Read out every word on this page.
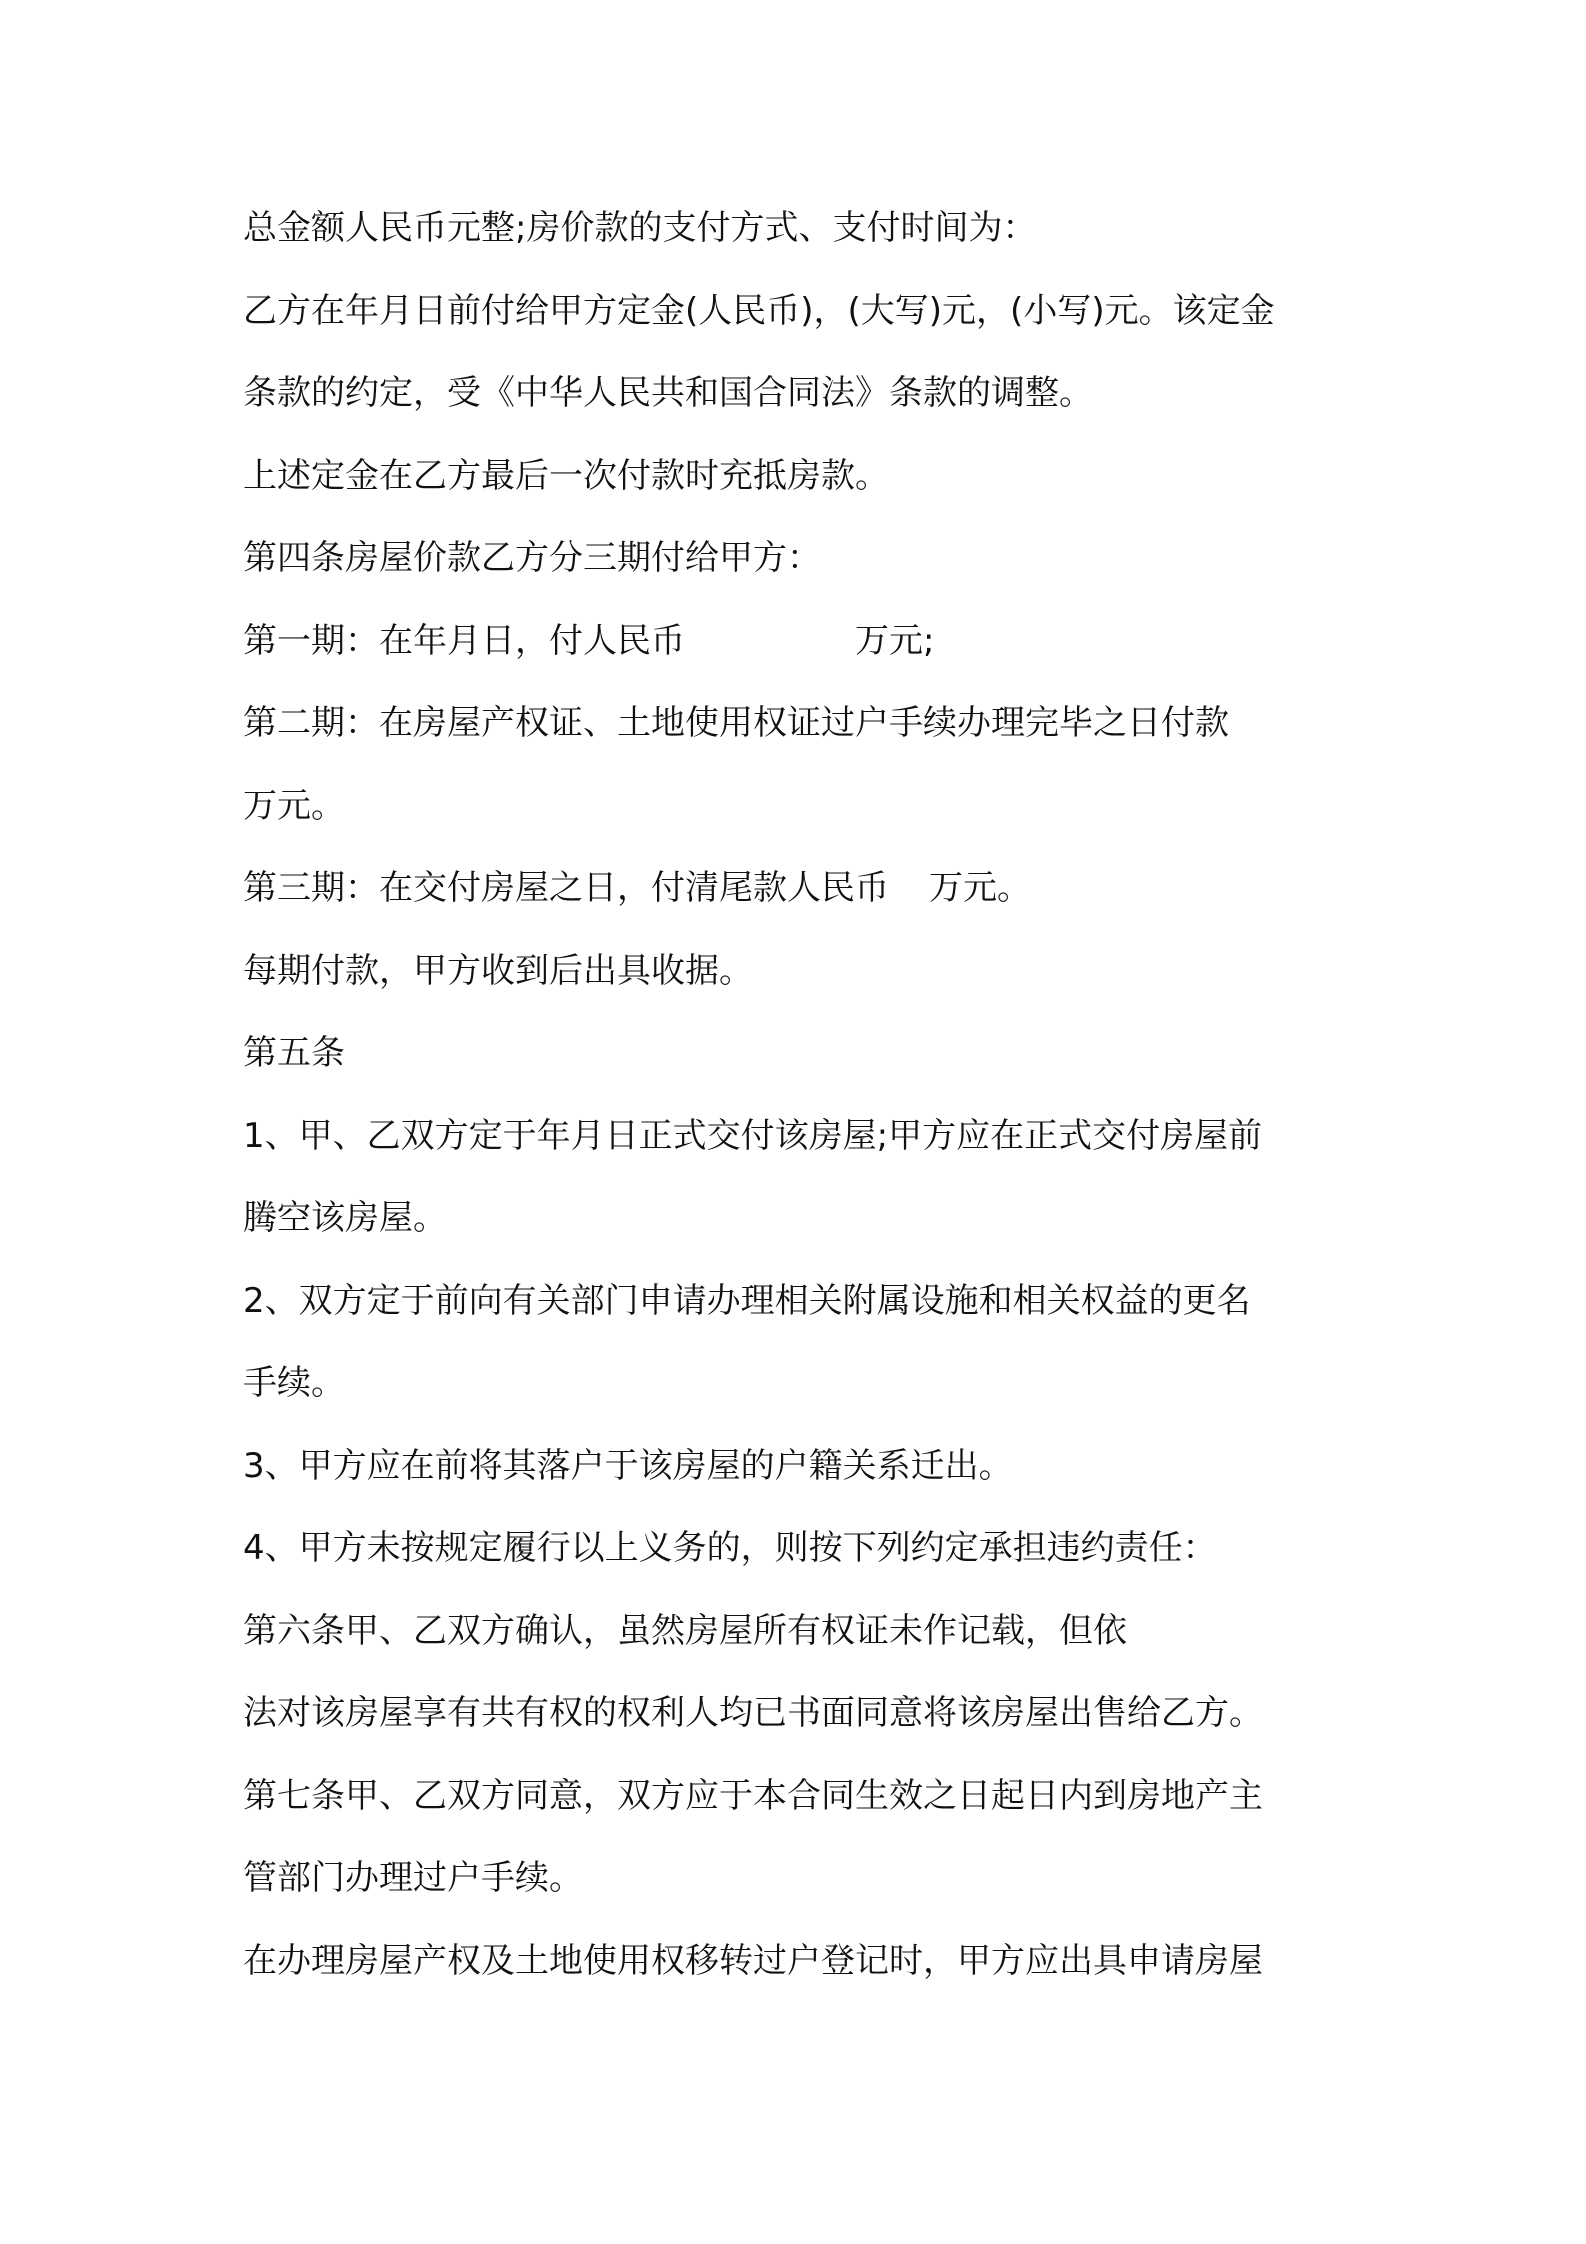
总金额人民币元整;房价款的支付方式、支付时间为：
乙方在年月日前付给甲方定金(人民币)，(大写)元，(小写)元。该定金
条款的约定，受《中华人民共和国合同法》条款的调整。
上述定金在乙方最后一次付款时充抵房款。
第四条房屋价款乙方分三期付给甲方：
第一期：在年月日，付人民币	万元;
第二期：在房屋产权证、土地使用权证过户手续办理完毕之日付款
万元。
第三期：在交付房屋之日，付清尾款人民币 万元。
每期付款，甲方收到后出具收据。
第五条
1、甲、乙双方定于年月日正式交付该房屋;甲方应在正式交付房屋前
腾空该房屋。
2、双方定于前向有关部门申请办理相关附属设施和相关权益的更名
手续。
3、甲方应在前将其落户于该房屋的户籍关系迁出。
4、甲方未按规定履行以上义务的，则按下列约定承担违约责任：
第六条甲、乙双方确认，虽然房屋所有权证未作记载，但依
法对该房屋享有共有权的权利人均已书面同意将该房屋出售给乙方。
第七条甲、乙双方同意，双方应于本合同生效之日起日内到房地产主
管部门办理过户手续。
在办理房屋产权及土地使用权移转过户登记时，甲方应出具申请房屋
